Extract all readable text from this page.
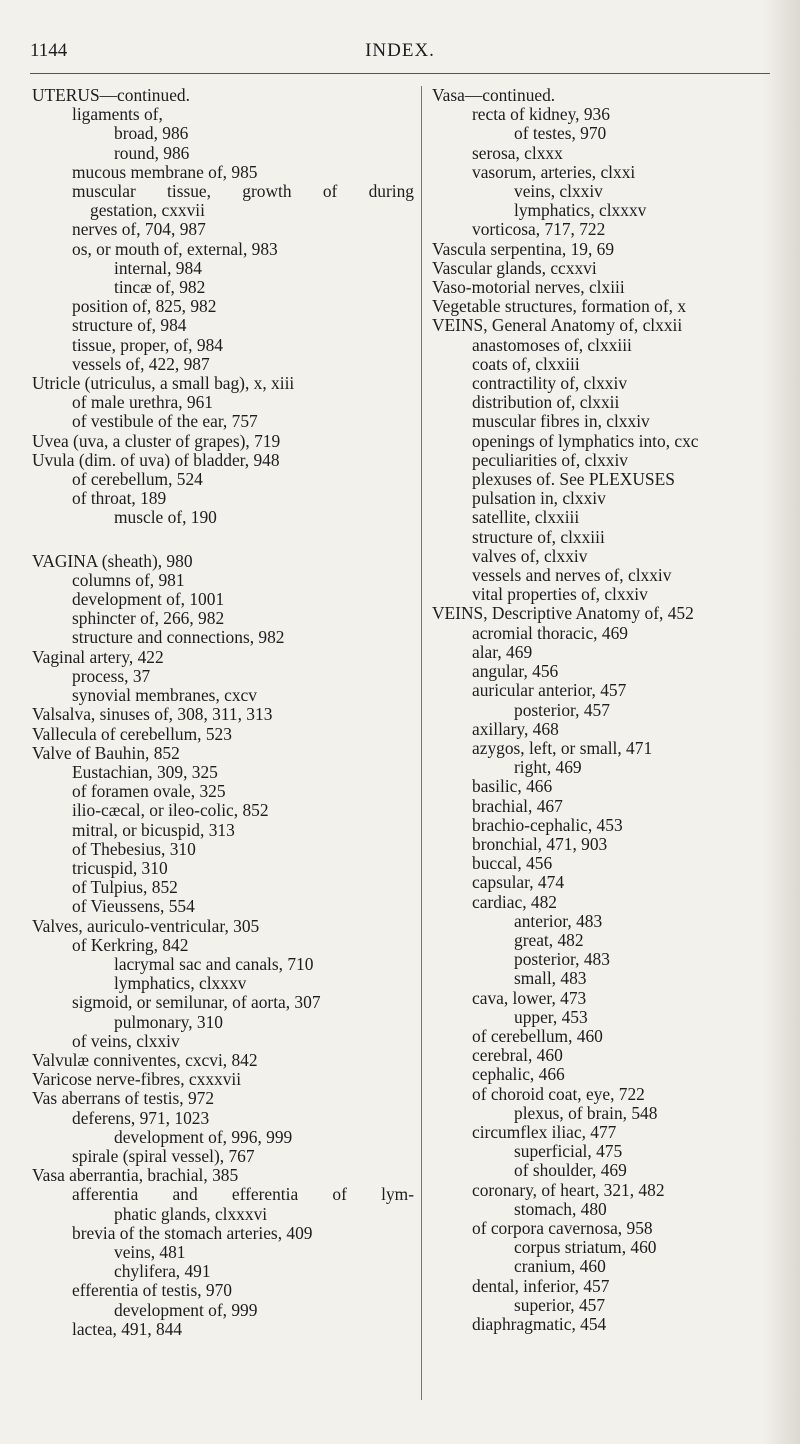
1144	INDEX.
UTERUS—continued.
ligaments of,
broad, 986
round, 986
mucous membrane of, 985
muscular tissue, growth of during
gestation, cxxvii
nerves of, 704, 987
os, or mouth of, external, 983
internal, 984
tincæ of, 982
position of, 825, 982
structure of, 984
tissue, proper, of, 984
vessels of, 422, 987
Utricle (utriculus, a small bag), x, xiii
of male urethra, 961
of vestibule of the ear, 757
Uvea (uva, a cluster of grapes), 719
Uvula (dim. of uva) of bladder, 948
of cerebellum, 524
of throat, 189
muscle of, 190
VAGINA (sheath), 980
columns of, 981
development of, 1001
sphincter of, 266, 982
structure and connections, 982
Vaginal artery, 422
process, 37
synovial membranes, cxcv
Valsalva, sinuses of, 308, 311, 313
Vallecula of cerebellum, 523
Valve of Bauhin, 852
Eustachian, 309, 325
of foramen ovale, 325
ilio-cæcal, or ileo-colic, 852
mitral, or bicuspid, 313
of Thebesius, 310
tricuspid, 310
of Tulpius, 852
of Vieussens, 554
Valves, auriculo-ventricular, 305
of Kerkring, 842
lacrymal sac and canals, 710
lymphatics, clxxxv
sigmoid, or semilunar, of aorta, 307
pulmonary, 310
of veins, clxxiv
Valvulæ conniventes, cxcvi, 842
Varicose nerve-fibres, cxxxvii
Vas aberrans of testis, 972
deferens, 971, 1023
development of, 996, 999
spirale (spiral vessel), 767
Vasa aberrantia, brachial, 385
afferentia and efferentia of lym-
phatic glands, clxxxvi
brevia of the stomach arteries, 409
veins, 481
chylifera, 491
efferentia of testis, 970
development of, 999
lactea, 491, 844
Vasa—continued.
recta of kidney, 936
of testes, 970
serosa, clxxx
vasorum, arteries, clxxi
veins, clxxiv
lymphatics, clxxxv
vorticosa, 717, 722
Vascula serpentina, 19, 69
Vascular glands, ccxxvi
Vaso-motorial nerves, clxiii
Vegetable structures, formation of, x
VEINS, General Anatomy of, clxxii
anastomoses of, clxxiii
coats of, clxxiii
contractility of, clxxiv
distribution of, clxxii
muscular fibres in, clxxiv
openings of lymphatics into, cxc
peculiarities of, clxxiv
plexuses of. See PLEXUSES
pulsation in, clxxiv
satellite, clxxiii
structure of, clxxiii
valves of, clxxiv
vessels and nerves of, clxxiv
vital properties of, clxxiv
VEINS, Descriptive Anatomy of, 452
acromial thoracic, 469
alar, 469
angular, 456
auricular anterior, 457
posterior, 457
axillary, 468
azygos, left, or small, 471
right, 469
basilic, 466
brachial, 467
brachio-cephalic, 453
bronchial, 471, 903
buccal, 456
capsular, 474
cardiac, 482
anterior, 483
great, 482
posterior, 483
small, 483
cava, lower, 473
upper, 453
of cerebellum, 460
cerebral, 460
cephalic, 466
of choroid coat, eye, 722
plexus, of brain, 548
circumflex iliac, 477
superficial, 475
of shoulder, 469
coronary, of heart, 321, 482
stomach, 480
of corpora cavernosa, 958
corpus striatum, 460
cranium, 460
dental, inferior, 457
superior, 457
diaphragmatic, 454
